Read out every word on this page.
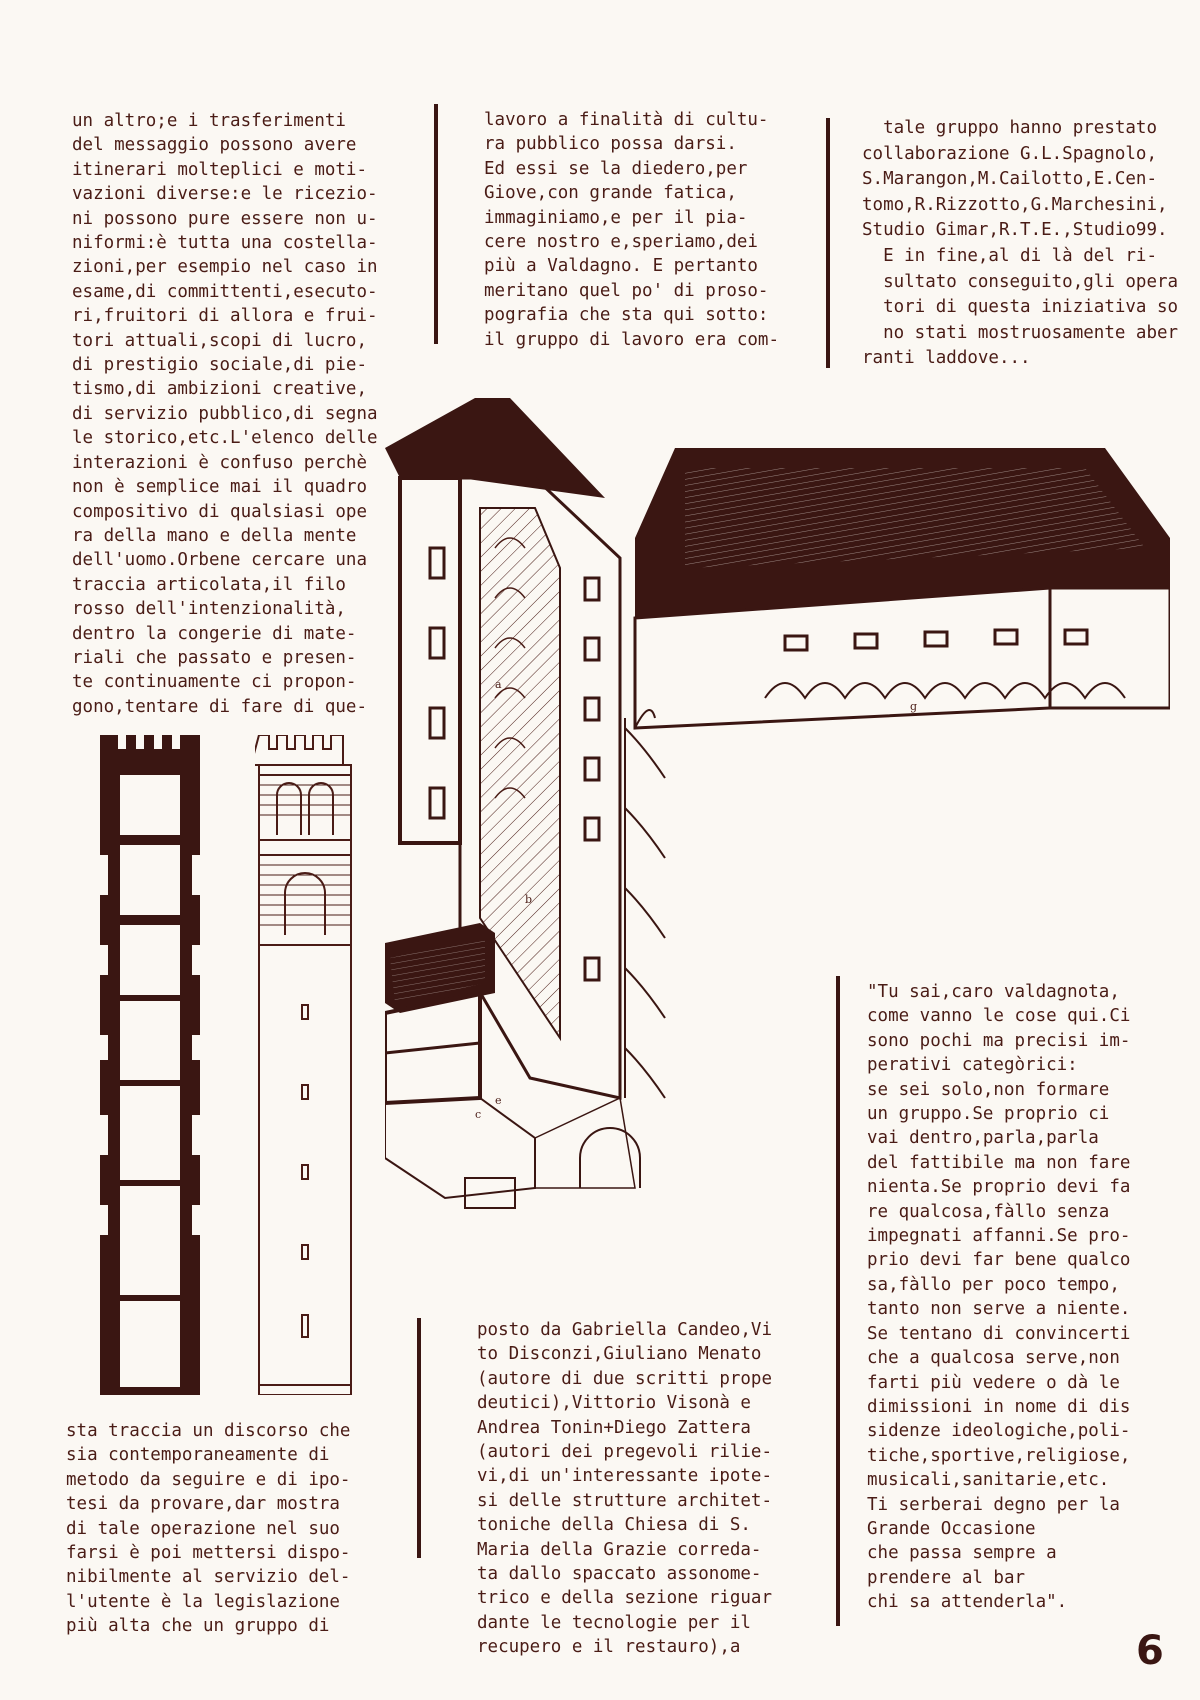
un altro;e i trasferimenti
del messaggio possono avere
itinerari molteplici e moti-
vazioni diverse:e le ricezio-
ni possono pure essere non u-
niformi:è tutta una costella-
zioni,per esempio nel caso in
esame,di committenti,esecuto-
ri,fruitori di allora e frui-
tori attuali,scopi di lucro,
di prestigio sociale,di pie-
tismo,di ambizioni creative,
di servizio pubblico,di segna
le storico,etc.L'elenco delle
interazioni è confuso perchè
non è semplice mai il quadro
compositivo di qualsiasi ope
ra della mano e della mente
dell'uomo.Orbene cercare una
traccia articolata,il filo
rosso dell'intenzionalità,
dentro la congerie di mate-
riali che passato e presen-
te continuamente ci propon-
gono,tentare di fare di que-
sta traccia un discorso che
sia contemporaneamente di
metodo da seguire e di ipo-
tesi da provare,dar mostra
di tale operazione nel suo
farsi è poi mettersi dispo-
nibilmente al servizio del-
l'utente è la legislazione
più alta che un gruppo di
lavoro a finalità di cultu-
ra pubblico possa darsi.
Ed essi se la diedero,per
Giove,con grande fatica,
immaginiamo,e per il pia-
cere nostro e,speriamo,dei
più a Valdagno. E pertanto
meritano quel po' di proso-
pografia che sta qui sotto:
il gruppo di lavoro era com-
posto da Gabriella Candeo,Vi
to Disconzi,Giuliano Menato
(autore di due scritti prope
deutici),Vittorio Visonà e
Andrea Tonin+Diego Zattera
(autori dei pregevoli rilie-
vi,di un'interessante ipote-
si delle strutture architet-
toniche della Chiesa di S.
Maria della Grazie correda-
ta dallo spaccato assonome-
trico e della sezione riguar
dante le tecnologie per il
recupero e il restauro),a
tale gruppo hanno prestato
collaborazione G.L.Spagnolo,
S.Marangon,M.Cailotto,E.Cen-
tomo,R.Rizzotto,G.Marchesini,
Studio Gimar,R.T.E.,Studio99.
E in fine,al di là del ri-
sultato conseguito,gli opera
tori di questa iniziativa so
no stati mostruosamente aber
ranti laddove...
"Tu sai,caro valdagnota,
come vanno le cose qui.Ci
sono pochi ma precisi im-
perativi categòrici:
se sei solo,non formare
un gruppo.Se proprio ci
vai dentro,parla,parla
del fattibile ma non fare
nienta.Se proprio devi fa
re qualcosa,fàllo senza
impegnati affanni.Se pro-
prio devi far bene qualco
sa,fàllo per poco tempo,
tanto non serve a niente.
Se tentano di convincerti
che a qualcosa serve,non
farti più vedere o dà le
dimissioni in nome di dis
sidenze ideologiche,poli-
tiche,sportive,religiose,
musicali,sanitarie,etc.
Ti serberai degno per la
Grande Occasione
che passa sempre a
prendere al bar
chi sa attenderla".
g
a
b
c
e
6
